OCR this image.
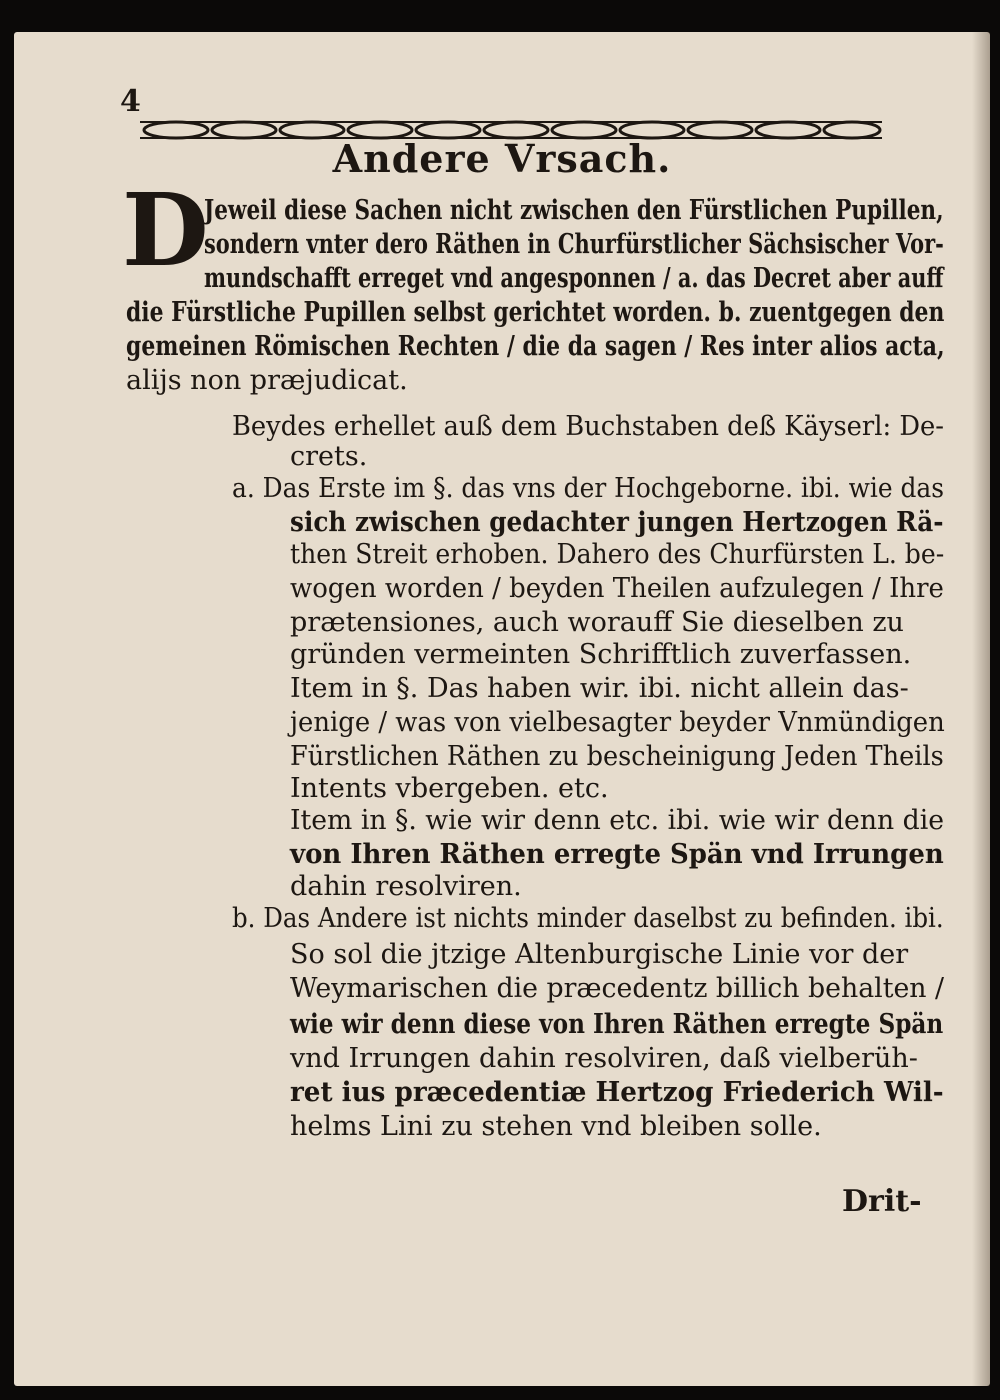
4
Andere Vrsach.
D
Jeweil diese Sachen nicht zwischen den Fürstlichen Pupillen,
sondern vnter dero Räthen in Churfürstlicher Sächsischer Vor-
mundschafft erreget vnd angesponnen / a. das Decret aber auff
die Fürstliche Pupillen selbst gerichtet worden. b. zuentgegen den
gemeinen Römischen Rechten / die da sagen / Res inter alios acta,
alijs non præjudicat.
Beydes erhellet auß dem Buchstaben deß Käyserl: De-
crets.
a. Das Erste im §. das vns der Hochgeborne. ibi. wie das
sich zwischen gedachter jungen Hertzogen Rä-
then Streit erhoben. Dahero des Churfürsten L. be-
wogen worden / beyden Theilen aufzulegen / Ihre
prætensiones, auch worauff Sie dieselben zu
gründen vermeinten Schrifftlich zuverfassen.
Item in §. Das haben wir. ibi. nicht allein das-
jenige / was von vielbesagter beyder Vnmündigen
Fürstlichen Räthen zu bescheinigung Jeden Theils
Intents vbergeben. etc.
Item in §. wie wir denn etc. ibi. wie wir denn die
von Ihren Räthen erregte Spän vnd Irrungen
dahin resolviren.
b. Das Andere ist nichts minder daselbst zu befinden. ibi.
So sol die jtzige Altenburgische Linie vor der
Weymarischen die præcedentz billich behalten /
wie wir denn diese von Ihren Räthen erregte Spän
vnd Irrungen dahin resolviren, daß vielberüh-
ret ius præcedentiæ Hertzog Friederich Wil-
helms Lini zu stehen vnd bleiben solle.
Drit-
